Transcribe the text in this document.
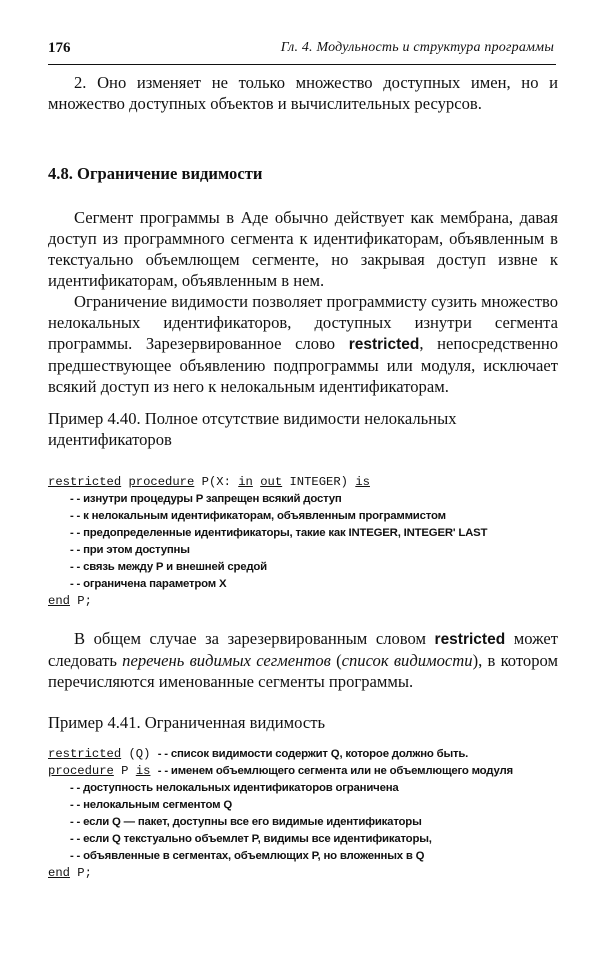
176	Гл. 4. Модульность и структура программы

2. Оно изменяет не только множество доступных имен, но и множество доступных объектов и вычислительных ресурсов.

4.8. Ограничение видимости

Сегмент программы в Аде обычно действует как мембрана, давая доступ из программного сегмента к идентификаторам, объявленным в текстуально объемлющем сегменте, но закрывая доступ извне к идентификаторам, объявленным в нем.

Ограничение видимости позволяет программисту сузить множество нелокальных идентификаторов, доступных изнутри сегмента программы. Зарезервированное слово restricted, непосредственно предшествующее объявлению подпрограммы или модуля, исключает всякий доступ из него к нелокальным идентификаторам.

Пример 4.40. Полное отсутствие видимости нелокальных идентификаторов

restricted procedure P(X: in out INTEGER) is
- - изнутри процедуры P запрещен всякий доступ
- - к нелокальным идентификаторам, объявленным программистом
- - предопределенные идентификаторы, такие как INTEGER, INTEGER' LAST
- - при этом доступны
- - связь между P и внешней средой
- - ограничена параметром X
end P;

В общем случае за зарезервированным словом restricted может следовать перечень видимых сегментов (список видимости), в котором перечисляются именованные сегменты программы.

Пример 4.41. Ограниченная видимость

restricted (Q) - - список видимости содержит Q, которое должно быть.
procedure P is - - именем объемлющего сегмента или не объемлющего модуля
- - доступность нелокальных идентификаторов ограничена
- - нелокальным сегментом Q
- - если Q — пакет, доступны все его видимые идентификаторы
- - если Q текстуально объемлет P, видимы все идентификаторы,
- - объявленные в сегментах, объемлющих P, но вложенных в Q
end P;
